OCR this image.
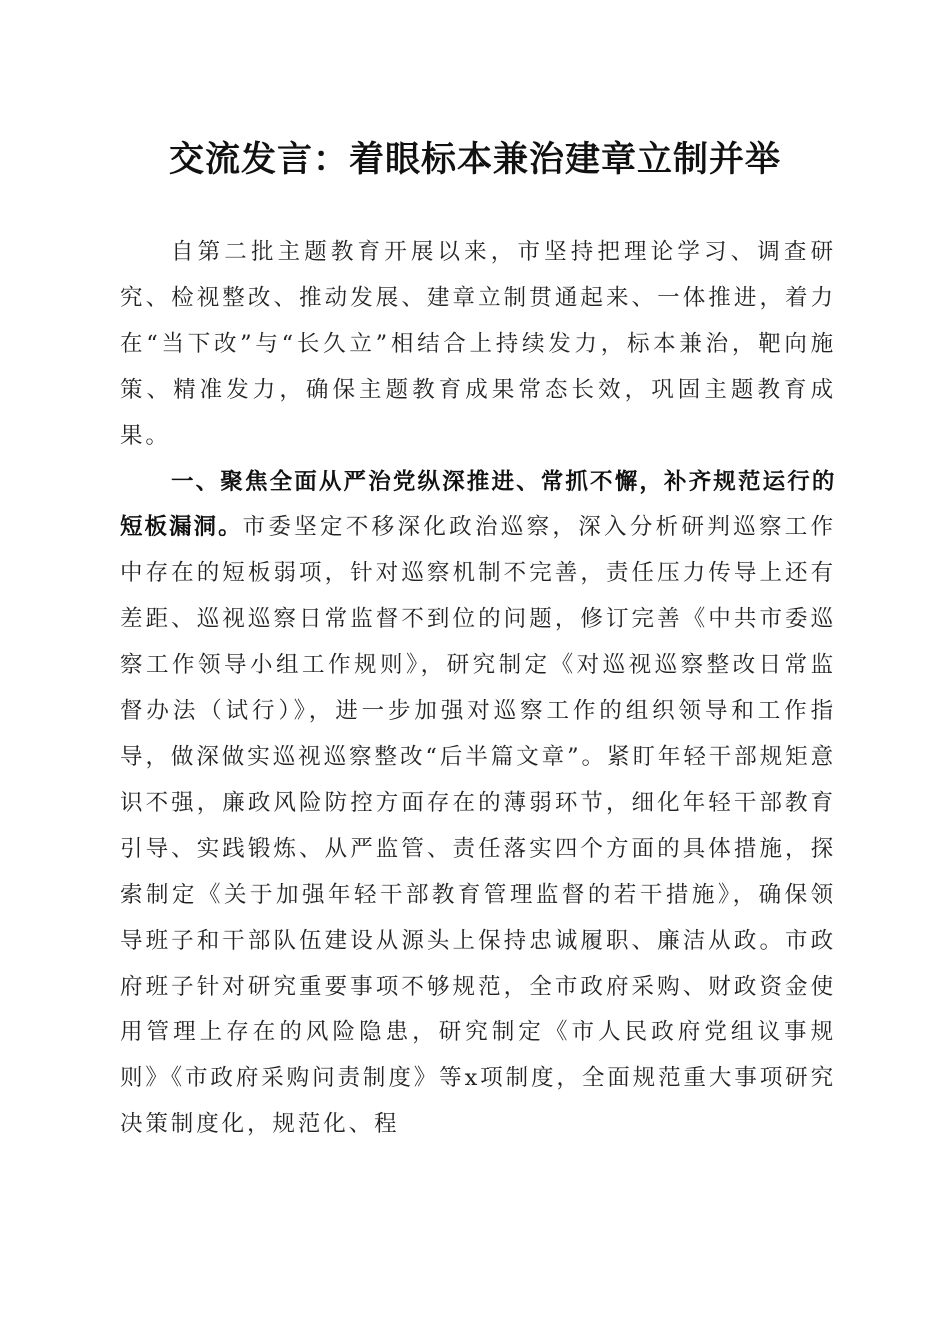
交流发言：着眼标本兼治建章立制并举

自第二批主题教育开展以来，市坚持把理论学习、调查研究、检视整改、推动发展、建章立制贯通起来、一体推进，着力在“当下改”与“长久立”相结合上持续发力，标本兼治，靶向施策、精准发力，确保主题教育成果常态长效，巩固主题教育成果。

一、聚焦全面从严治党纵深推进、常抓不懈，补齐规范运行的短板漏洞。市委坚定不移深化政治巡察，深入分析研判巡察工作中存在的短板弱项，针对巡察机制不完善，责任压力传导上还有差距、巡视巡察日常监督不到位的问题，修订完善《中共市委巡察工作领导小组工作规则》，研究制定《对巡视巡察整改日常监督办法（试行）》，进一步加强对巡察工作的组织领导和工作指导，做深做实巡视巡察整改“后半篇文章”。紧盯年轻干部规矩意识不强，廉政风险防控方面存在的薄弱环节，细化年轻干部教育引导、实践锻炼、从严监管、责任落实四个方面的具体措施，探索制定《关于加强年轻干部教育管理监督的若干措施》，确保领导班子和干部队伍建设从源头上保持忠诚履职、廉洁从政。市政府班子针对研究重要事项不够规范，全市政府采购、财政资金使用管理上存在的风险隐患，研究制定《市人民政府党组议事规则》《市政府采购问责制度》等x项制度，全面规范重大事项研究决策制度化，规范化、程
